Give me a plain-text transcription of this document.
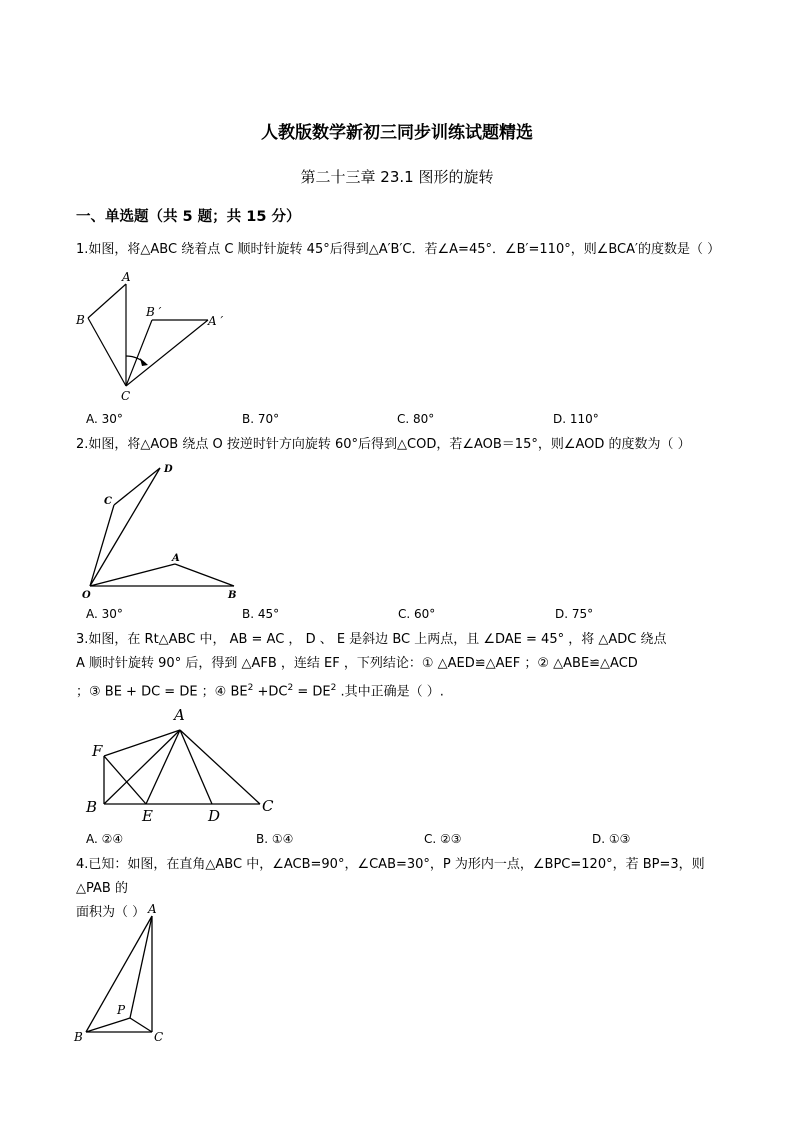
人教版数学新初三同步训练试题精选
第二十三章 23.1 图形的旋转
一、单选题（共 5 题；共 15 分）
1.如图，将△ABC 绕着点 C 顺时针旋转 45°后得到△A′B′C．若∠A=45°．∠B′=110°，则∠BCA′的度数是（ ）
A
B
B ′
A ′
C
A. 30°	B. 70°	C. 80°	D. 110°
2.如图，将△AOB 绕点 O 按逆时针方向旋转 60°后得到△COD，若∠AOB＝15°，则∠AOD 的度数为（ ）
D
C
A
O	B
A. 30°	B. 45°	C. 60°	D. 75°
3.如图，在 Rt△ABC 中， AB = AC ， D 、 E 是斜边 BC 上两点，且 ∠DAE = 45° ，将 △ADC 绕点
A 顺时针旋转 90° 后，得到 △AFB ，连结 EF ，下列结论：① △AED≌△AEF ；② △ABE≌△ACD
；③ BE + DC = DE ；④ $BE^2 +DC^2 = DE^2$ .其中正确是（ ）.
A
F
B	E	D
C
A. ②④	B. ①④	C. ②③	D. ①③
4.已知：如图，在直角△ABC 中，∠ACB=90°，∠CAB=30°，P 为形内一点，∠BPC=120°，若 BP=3，则△PAB 的
面积为（ ） A
P
B	C
